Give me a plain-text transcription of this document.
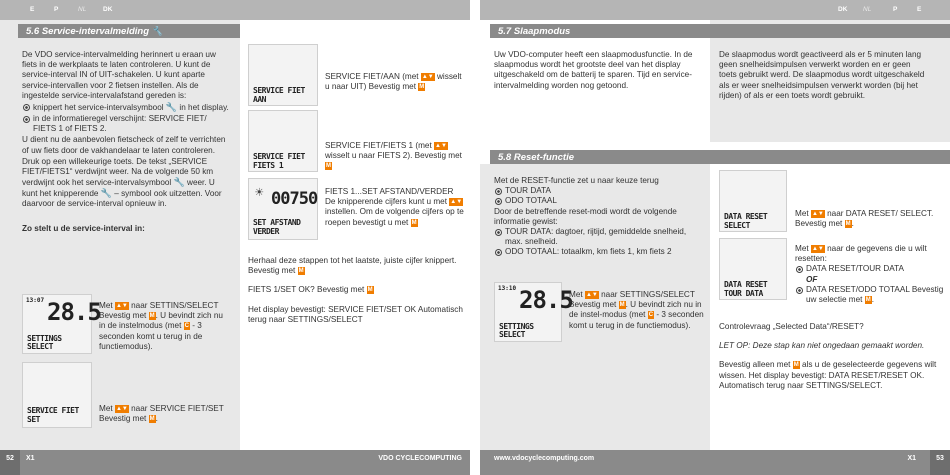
E	P	NL	DK	DK NL	P	E
5.6 Service-intervalmelding 🔧	5.7 Slaapmodus
5.8 Reset-functie

De VDO service-intervalmelding herinnert u eraan uw fiets in de werkplaats te laten controleren. U kunt de service-interval IN of UIT-schakelen. U kunt aparte service-intervallen voor 2 fietsen instellen. Als de ingestelde service-intervalafstand gereden is:

knippert het service-intervalsymbool 🔧 in het display.
in de informatieregel verschijnt: SERVICE FIET/ FIETS 1 of FIETS 2.

U dient nu de aanbevolen fietscheck of zelf te verrichten of uw fiets door de vakhandelaar te laten controleren.

Druk op een willekeurige toets. De tekst „SERVICE FIET/FIETS1“ verdwijnt weer. Na de volgende 50 km verdwijnt ook het service-intervalsymbool 🔧 weer. U kunt het knipperende 🔧 – symbool ook uitzetten. Voor daarvoor de service-interval opnieuw in.

Zo stelt u de service-interval in:

13:07 28.5
SETTINGS
SELECT
Met ▲▼ naar SETTINS/SELECT Bevestig met M. U bevindt zich nu in de instelmodus (met C - 3 seconden komt u terug in de functiemodus).
SERVICE FIET
SET
Met ▲▼ naar SERVICE FIET/SET Bevestig met M.
SERVICE FIET
AAN
SERVICE FIET/AAN (met ▲▼ wisselt u naar UIT) Bevestig met M
SERVICE FIET
FIETS 1
SERVICE FIET/FIETS 1 (met ▲▼ wisselt u naar FIETS 2). Bevestig met M
☀ 00750
SET AFSTAND
VERDER
FIETS 1...SET AFSTAND/VERDER De knipperende cijfers kunt u met ▲▼ instellen. Om de volgende cijfers op te roepen bevestigt u met M

Herhaal deze stappen tot het laatste, juiste cijfer knippert. Bevestig met M

FIETS 1/SET OK? Bevestig met M

Het display bevestigt: SERVICE FIET/SET OK Automatisch terug naar SETTINGS/SELECT

Uw VDO-computer heeft een slaapmodusfunctie. In de slaapmodus wordt het grootste deel van het display uitgeschakeld om de batterij te sparen. Tijd en service-intervalmelding worden nog getoond.

De slaapmodus wordt geactiveerd als er 5 minuten lang geen snelheidsimpulsen verwerkt worden en er geen toets gebruikt werd. De slaapmodus wordt uitgeschakeld als er weer snelheidsimpulsen verwerkt worden (bij het rijden) of als er een toets wordt gebruikt.

Met de RESET-functie zet u naar keuze terug

TOUR DATA
ODO TOTAAL

Door de betreffende reset-modi wordt de volgende informatie gewist:

TOUR DATA: dagtoer, rijtijd, gemiddelde snelheid, max. snelheid.
ODO TOTAAL: totaalkm, km fiets 1, km fiets 2
13:10 28.5
SETTINGS
SELECT
Met ▲▼ naar SETTINGS/SELECT Bevestig met M. U bevindt zich nu in de instel-modus (met C - 3 seconden komt u terug in de functiemodus).
DATA RESET
SELECT
Met ▲▼ naar DATA RESET/ SELECT. Bevestig met M.
DATA RESET
TOUR DATA
Met ▲▼ naar de gegevens die u wilt resetten:
DATA RESET/TOUR DATA
OF
DATA RESET/ODO TOTAAL Bevestig uw selectie met M.

Controlevraag „Selected Data“/RESET?

LET OP: Deze stap kan niet ongedaan gemaakt worden.

Bevestig alleen met M als u de geselecteerde gegevens wilt wissen. Het display bevestigt: DATA RESET/RESET OK. Automatisch terug naar SETTINGS/SELECT.

X1	VDO CYCLECOMPUTING
52	www.vdocyclecomputing.com	X1	53
